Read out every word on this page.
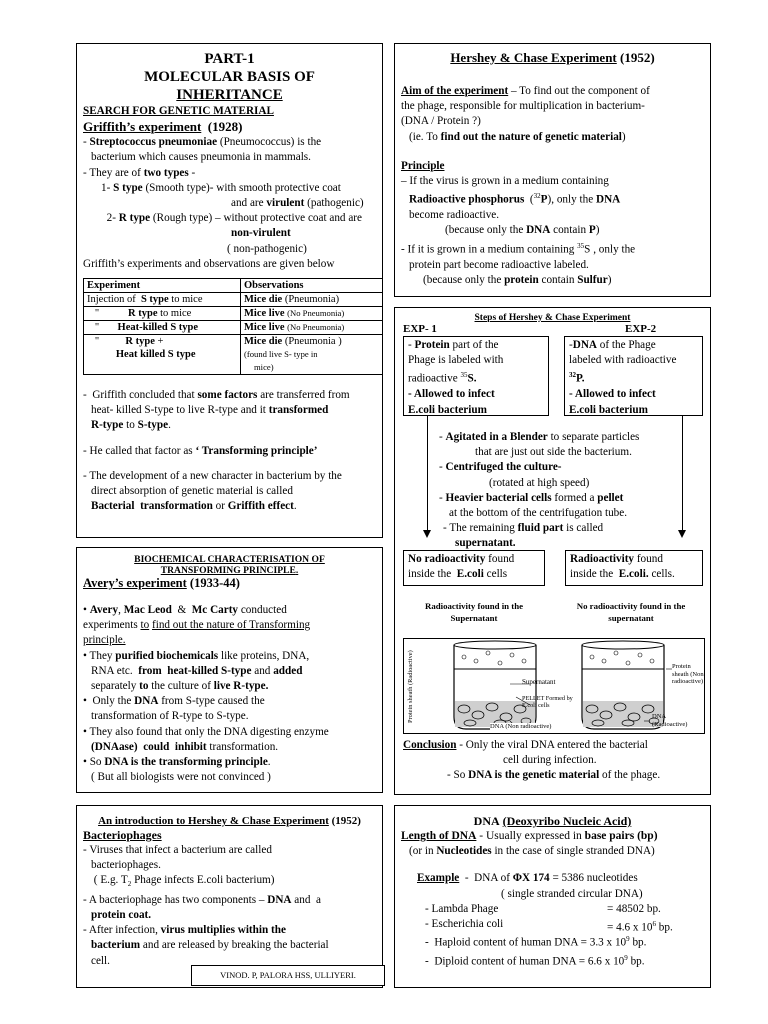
PART-1
MOLECULAR BASIS OF
INHERITANCE
SEARCH FOR GENETIC MATERIAL
Griffith’s experiment (1928)
- Streptococcus pneumoniae (Pneumococcus) is the
bacterium which causes pneumonia in mammals.
- They are of two types -
1- S type (Smooth type)- with smooth protective coat
and are virulent (pathogenic)
2- R type (Rough type) – without protective coat and are
non-virulent
( non-pathogenic)
Griffith’s experiments and observations are given below
Experiment	Observations
Injection of  S type to mice	Mice die (Pneumonia)
"           R type to mice	Mice live (No Pneumonia)
"       Heat-killed S type	Mice live (No Pneumonia)
"          R type +
Heat killed S type	Mice die (Pneumonia )
(found live S- type in
mice)
-  Griffith concluded that some factors are transferred from
heat- killed S-type to live R-type and it transformed
R-type to S-type.
- He called that factor as ‘ Transforming principle’
- The development of a new character in bacterium by the
direct absorption of genetic material is called
Bacterial  transformation or Griffith effect.
Hershey & Chase Experiment (1952)
Aim of the experiment – To find out the component of
the phage, responsible for multiplication in bacterium-
(DNA / Protein ?)
(ie. To find out the nature of genetic material)
Principle
– If the virus is grown in a medium containing
Radioactive phosphorus  ($^{32}$P), only the DNA
become radioactive.
(because only the DNA contain P)
- If it is grown in a medium containing $^{35}$S , only the
protein part become radioactive labeled.
(because only the protein contain Sulfur)
Steps of Hershey & Chase Experiment
EXP- 1	EXP-2
- Protein part of the
Phage is labeled with
radioactive $^{35}$S.
- Allowed to infect
E.coli bacterium
-DNA of the Phage
labeled with radioactive
$^{32}$P.
- Allowed to infect
E.coli bacterium
- Agitated in a Blender to separate particles
that are just out side the bacterium.
- Centrifuged the culture-
(rotated at high speed)
- Heavier bacterial cells formed a pellet
at the bottom of the centrifugation tube.
- The remaining fluid part is called
supernatant.
No radioactivity found
inside the  E.coli cells
Radioactivity found
inside the  E.coli. cells.
Radioactivity found in the
Supernatant
No radioactivity found in the
supernatant
Protein sheath (Radioactive)	Supernatant
PELLET Formed by E.coli cells
DNA (Non radioactive)
Protein sheath (Non radioactive)
DNA (Radioactive)
Conclusion - Only the viral DNA entered the bacterial
cell during infection.
- So DNA is the genetic material of the phage.
BIOCHEMICAL CHARACTERISATION OF
TRANSFORMING PRINCIPLE.
Avery’s experiment (1933-44)
• Avery, Mac Leod  &  Mc Carty conducted
experiments to find out the nature of Transforming
principle.
• They purified biochemicals like proteins, DNA,
RNA etc.  from  heat-killed S-type and added
separately to the culture of live R-type.
•  Only the DNA from S-type caused the
transformation of R-type to S-type.
• They also found that only the DNA digesting enzyme
(DNAase) could  inhibit transformation.
• So DNA is the transforming principle.
( But all biologists were not convinced )
An introduction to Hershey & Chase Experiment (1952)
Bacteriophages
- Viruses that infect a bacterium are called
bacteriophages.
( E.g. $T_2$ Phage infects E.coli bacterium)
- A bacteriophage has two components – DNA and  a
protein coat.
- After infection, virus multiplies within the
bacterium and are released by breaking the bacterial
cell.
VINOD. P, PALORA HSS, ULLIYERI.
DNA (Deoxyribo Nucleic Acid)
Length of DNA - Usually expressed in base pairs (bp)
(or in Nucleotides in the case of single stranded DNA)
Example  -  DNA of ΦX 174 = 5386 nucleotides
( single stranded circular DNA)
- Lambda Phage	= 48502 bp.
- Escherichia coli	= 4.6 x $10^6$ bp.
-  Haploid content of human DNA = 3.3 x $10^9$ bp.
-  Diploid content of human DNA = 6.6 x $10^9$ bp.
